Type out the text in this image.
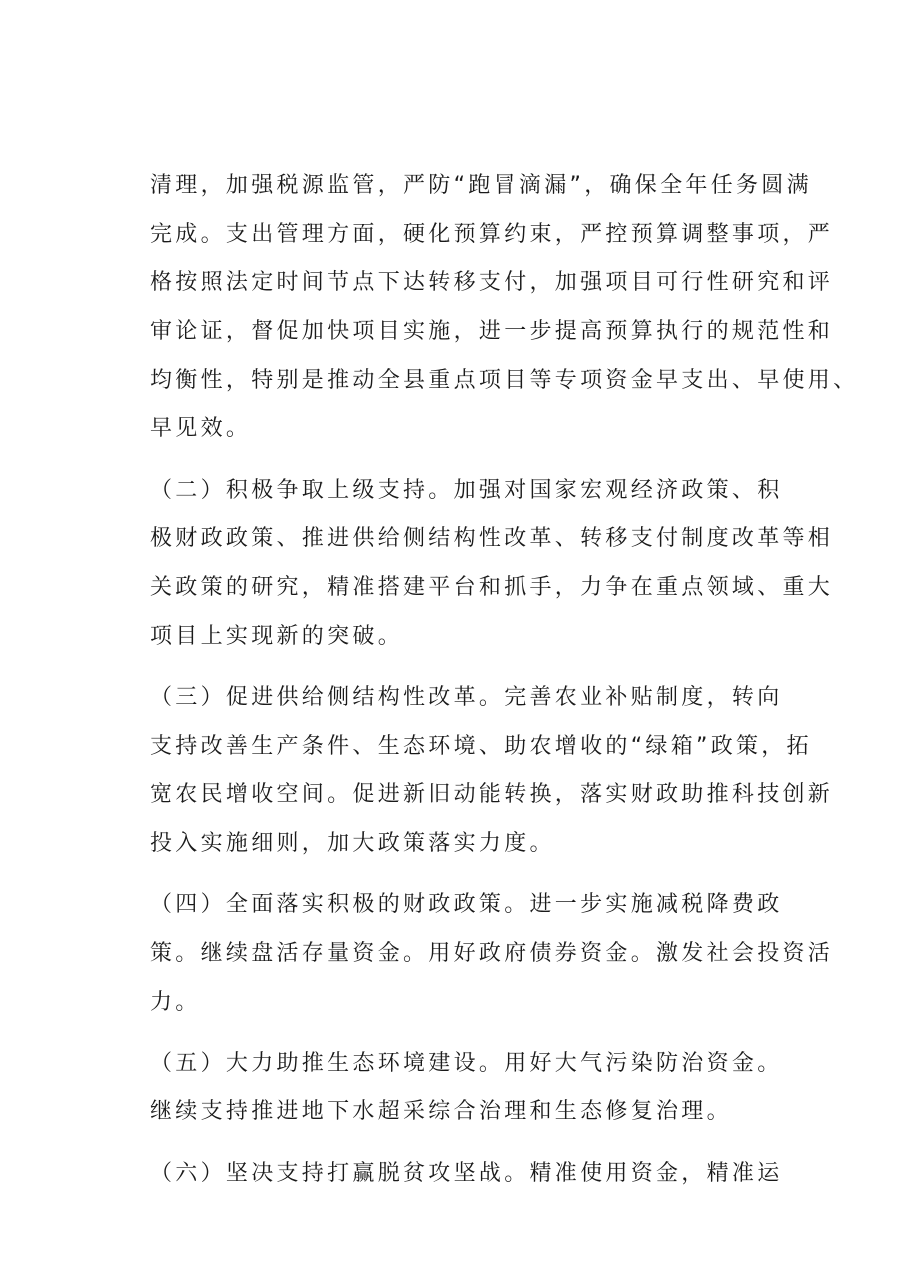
清理，加强税源监管，严防“跑冒滴漏”，确保全年任务圆满
完成。支出管理方面，硬化预算约束，严控预算调整事项，严
格按照法定时间节点下达转移支付，加强项目可行性研究和评
审论证，督促加快项目实施，进一步提高预算执行的规范性和
均衡性，特别是推动全县重点项目等专项资金早支出、早使用、
早见效。
（二）积极争取上级支持。加强对国家宏观经济政策、积
极财政政策、推进供给侧结构性改革、转移支付制度改革等相
关政策的研究，精准搭建平台和抓手，力争在重点领域、重大
项目上实现新的突破。
（三）促进供给侧结构性改革。完善农业补贴制度，转向
支持改善生产条件、生态环境、助农增收的“绿箱”政策，拓
宽农民增收空间。促进新旧动能转换，落实财政助推科技创新
投入实施细则，加大政策落实力度。
（四）全面落实积极的财政政策。进一步实施减税降费政
策。继续盘活存量资金。用好政府债券资金。激发社会投资活
力。
（五）大力助推生态环境建设。用好大气污染防治资金。
继续支持推进地下水超采综合治理和生态修复治理。
（六）坚决支持打赢脱贫攻坚战。精准使用资金，精准运
